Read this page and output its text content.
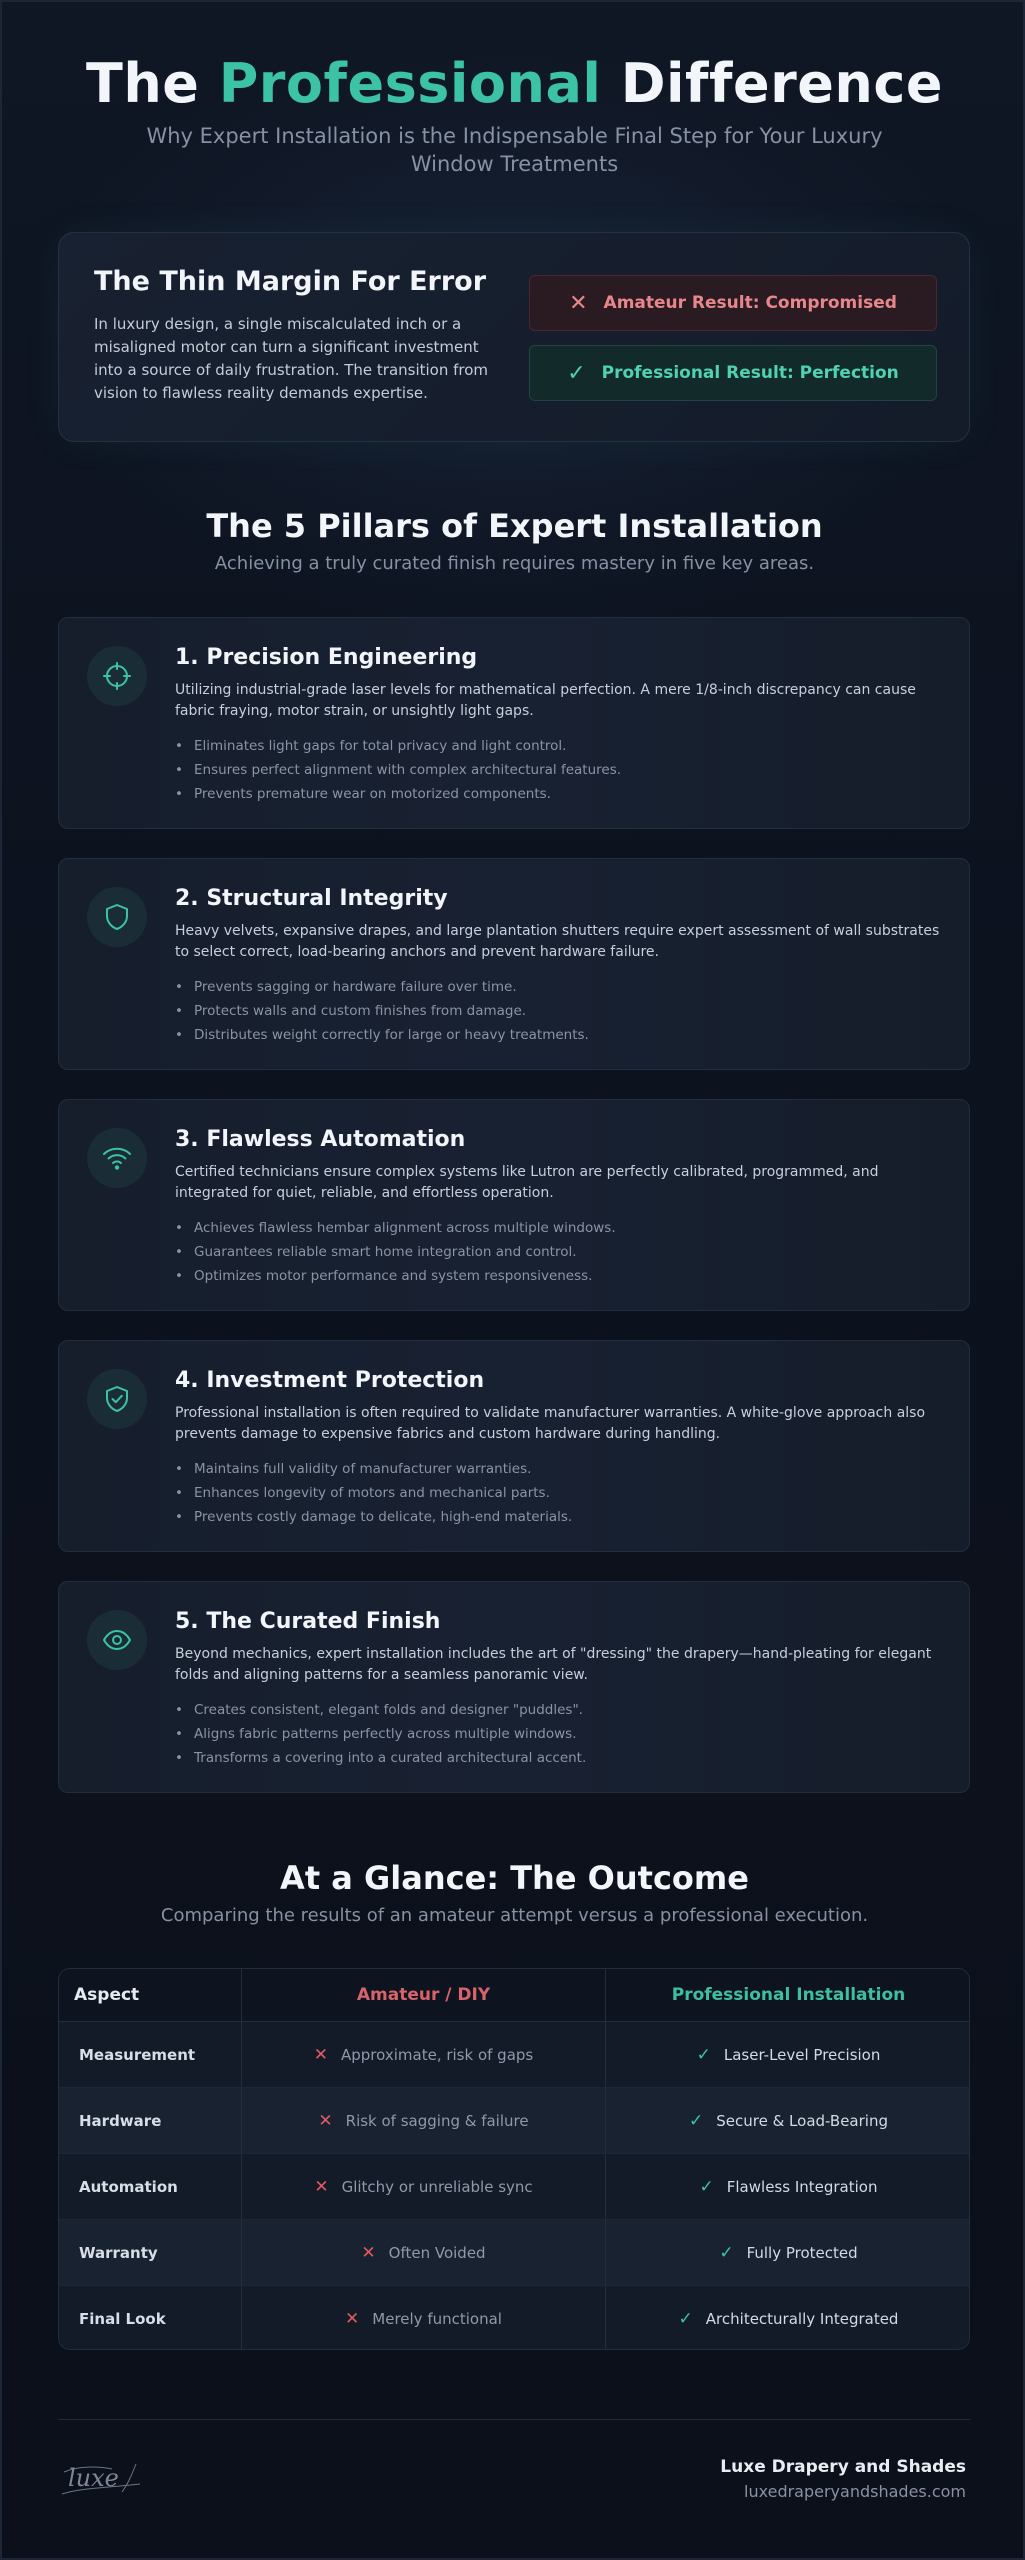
The Professional Difference

Why Expert Installation is the Indispensable Final Step for Your Luxury Window Treatments

The Thin Margin For Error
In luxury design, a single miscalculated inch or a misaligned motor can turn a significant investment into a source of daily frustration. The transition from vision to flawless reality demands expertise.
✕ Amateur Result: Compromised
✓ Professional Result: Perfection
The 5 Pillars of Expert Installation

Achieving a truly curated finish requires mastery in five key areas.

1. Precision Engineering
Utilizing industrial-grade laser levels for mathematical perfection. A mere 1/8-inch discrepancy can cause fabric fraying, motor strain, or unsightly light gaps.
• Eliminates light gaps for total privacy and light control.
• Ensures perfect alignment with complex architectural features.
• Prevents premature wear on motorized components.
2. Structural Integrity
Heavy velvets, expansive drapes, and large plantation shutters require expert assessment of wall substrates to select correct, load-bearing anchors and prevent hardware failure.
• Prevents sagging or hardware failure over time.
• Protects walls and custom finishes from damage.
• Distributes weight correctly for large or heavy treatments.
3. Flawless Automation
Certified technicians ensure complex systems like Lutron are perfectly calibrated, programmed, and integrated for quiet, reliable, and effortless operation.
• Achieves flawless hembar alignment across multiple windows.
• Guarantees reliable smart home integration and control.
• Optimizes motor performance and system responsiveness.
4. Investment Protection
Professional installation is often required to validate manufacturer warranties. A white-glove approach also prevents damage to expensive fabrics and custom hardware during handling.
• Maintains full validity of manufacturer warranties.
• Enhances longevity of motors and mechanical parts.
• Prevents costly damage to delicate, high-end materials.
5. The Curated Finish
Beyond mechanics, expert installation includes the art of "dressing" the drapery—hand-pleating for elegant folds and aligning patterns for a seamless panoramic view.
• Creates consistent, elegant folds and designer "puddles".
• Aligns fabric patterns perfectly across multiple windows.
• Transforms a covering into a curated architectural accent.
At a Glance: The Outcome

Comparing the results of an amateur attempt versus a professional execution.

Aspect	Amateur / DIY	Professional Installation
Measurement	✕ Approximate, risk of gaps	✓ Laser-Level Precision
Hardware	✕ Risk of sagging & failure	✓ Secure & Load-Bearing
Automation	✕ Glitchy or unreliable sync	✓ Flawless Integration
Warranty	✕ Often Voided	✓ Fully Protected
Final Look	✕ Merely functional	✓ Architecturally Integrated
luxe	Luxe Drapery and Shades
luxedraperyandshades.com
